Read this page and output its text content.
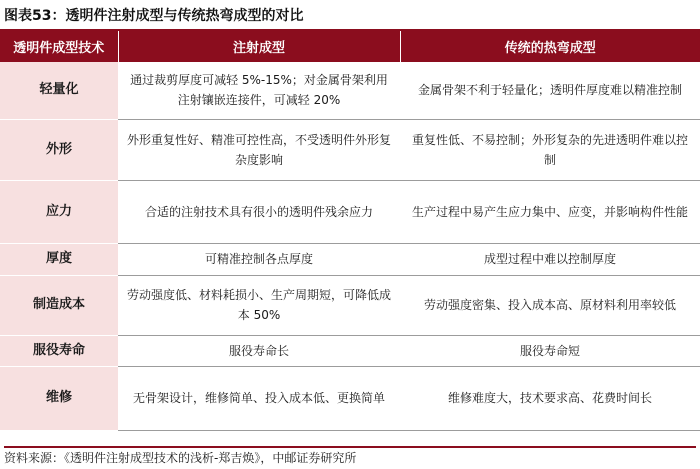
图表53：透明件注射成型与传统热弯成型的对比
透明件成型技术	注射成型	传统的热弯成型
轻量化	通过裁剪厚度可减轻 5%-15%；对金属骨架利用注射镶嵌连接件，可减轻 20%	金属骨架不利于轻量化；透明件厚度难以精准控制
外形	外形重复性好、精准可控性高，不受透明件外形复杂度影响	重复性低、不易控制；外形复杂的先进透明件难以控制
应力	合适的注射技术具有很小的透明件残余应力	生产过程中易产生应力集中、应变，并影响构件性能
厚度	可精准控制各点厚度	成型过程中难以控制厚度
制造成本	劳动强度低、材料耗损小、生产周期短，可降低成本 50%	劳动强度密集、投入成本高、原材料利用率较低
服役寿命	服役寿命长	服役寿命短
维修	无骨架设计，维修简单、投入成本低、更换简单	维修难度大，技术要求高、花费时间长
资料来源：《透明件注射成型技术的浅析-郑吉焕》，中邮证券研究所
